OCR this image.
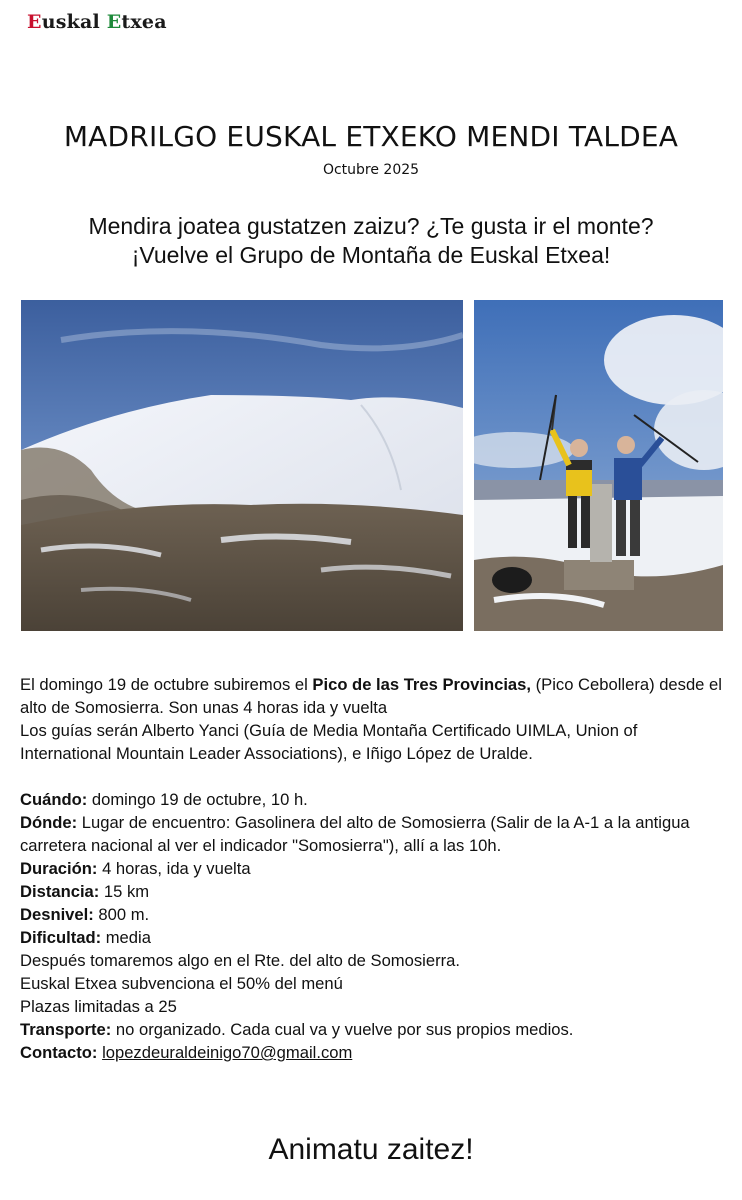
Euskal Etxea
MADRILGO EUSKAL ETXEKO MENDI TALDEA
Octubre 2025
Mendira joatea gustatzen zaizu? ¿Te gusta ir el monte?
¡Vuelve el Grupo de Montaña de Euskal Etxea!

El domingo 19 de octubre subiremos el Pico de las Tres Provincias, (Pico Cebollera) desde el alto de Somosierra. Son unas 4 horas ida y vuelta

Los guías serán Alberto Yanci (Guía de Media Montaña Certificado UIMLA, Union of International Mountain Leader Associations), e Iñigo López de Uralde.

Cuándo: domingo 19 de octubre, 10 h.

Dónde: Lugar de encuentro: Gasolinera del alto de Somosierra (Salir de la A-1 a la antigua carretera nacional al ver el indicador "Somosierra"), allí a las 10h.

Duración: 4 horas, ida y vuelta

Distancia: 15 km

Desnivel: 800 m.

Dificultad: media

Después tomaremos algo en el Rte. del alto de Somosierra.

Euskal Etxea subvenciona el 50% del menú

Plazas limitadas a 25

Transporte: no organizado. Cada cual va y vuelve por sus propios medios.

Contacto: lopezdeuraldeinigo70@gmail.com

Animatu zaitez!
